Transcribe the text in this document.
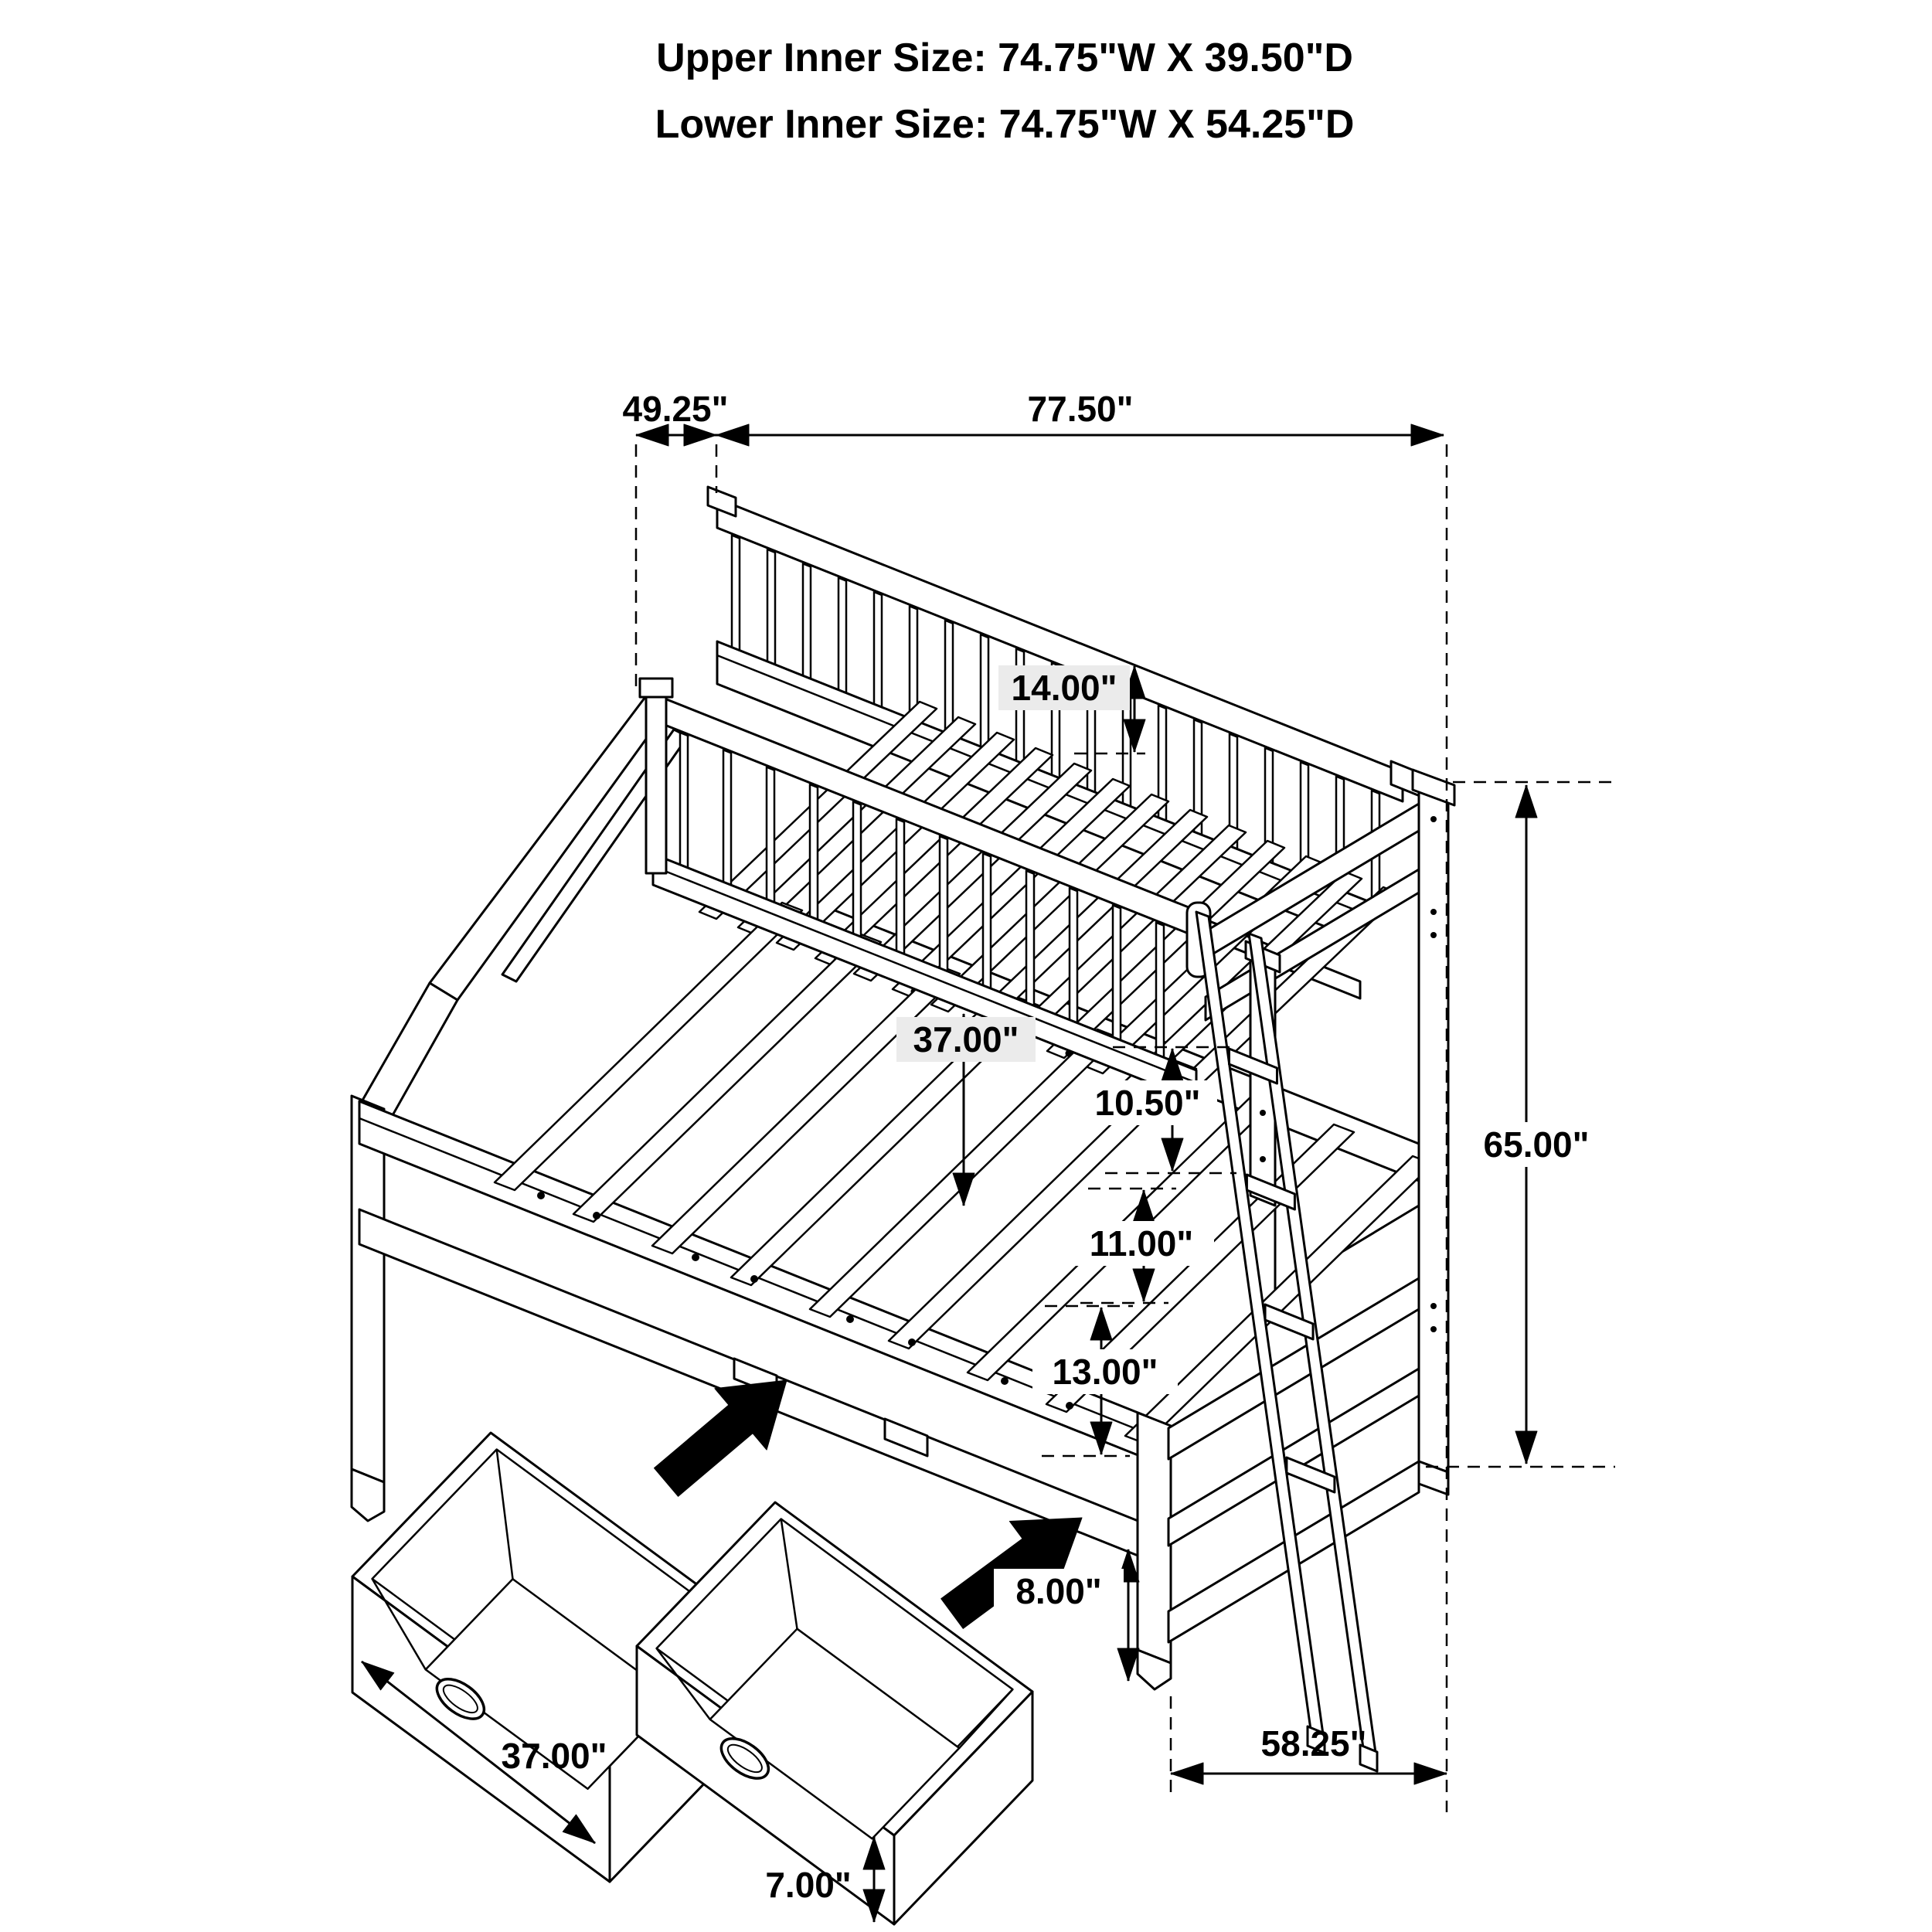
Upper Inner Size: 74.75"W X 39.50"D
Lower Inner Size: 74.75"W X 54.25"D
49.25"	77.50"
14.00"
37.00"
10.50"
11.00"
13.00"
65.00"
8.00"
58.25"
37.00"
7.00"
